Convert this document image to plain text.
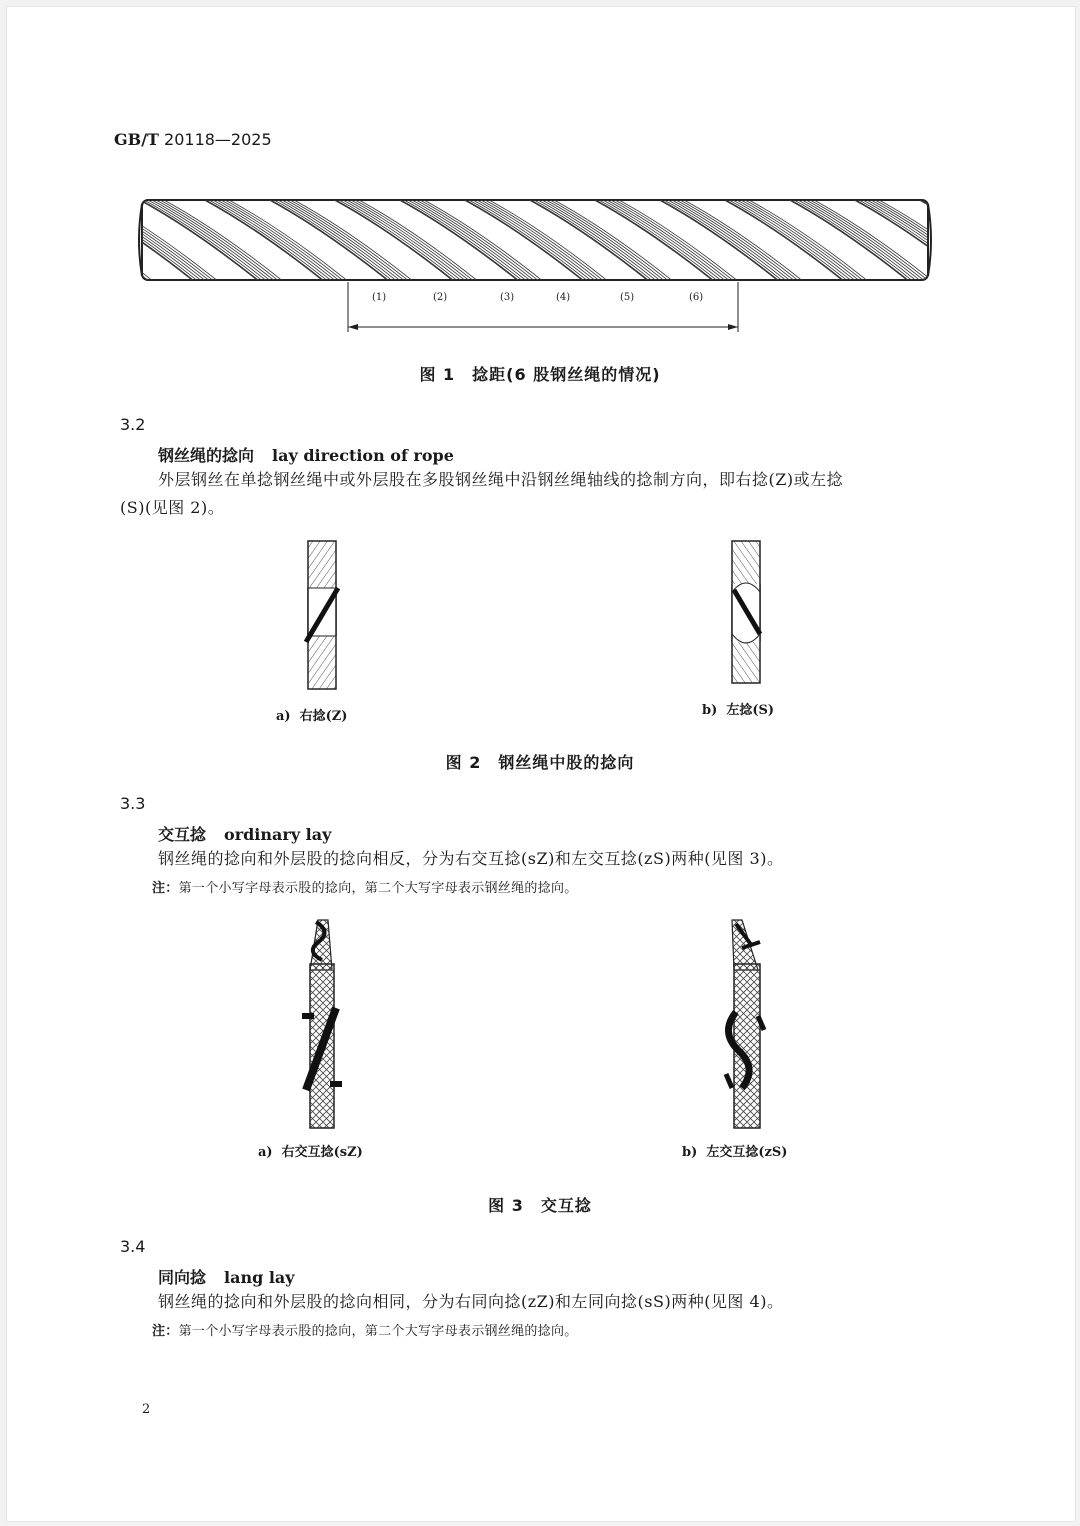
GB/T 20118—2025
(1)	(2)	(3)	(4)	(5)	(6)
图 1　捻距(6 股钢丝绳的情况)
3.2
钢丝绳的捻向 lay direction of rope
外层钢丝在单捻钢丝绳中或外层股在多股钢丝绳中沿钢丝绳轴线的捻制方向，即右捻(Z)或左捻
(S)(见图 2)。
a) 右捻(Z)	b) 左捻(S)
图 2　钢丝绳中股的捻向
3.3
交互捻 ordinary lay
钢丝绳的捻向和外层股的捻向相反，分为右交互捻(sZ)和左交互捻(zS)两种(见图 3)。
注：第一个小写字母表示股的捻向，第二个大写字母表示钢丝绳的捻向。
a) 右交互捻(sZ)	b) 左交互捻(zS)
图 3　交互捻
3.4
同向捻 lang lay
钢丝绳的捻向和外层股的捻向相同，分为右同向捻(zZ)和左同向捻(sS)两种(见图 4)。
注：第一个小写字母表示股的捻向，第二个大写字母表示钢丝绳的捻向。
2
